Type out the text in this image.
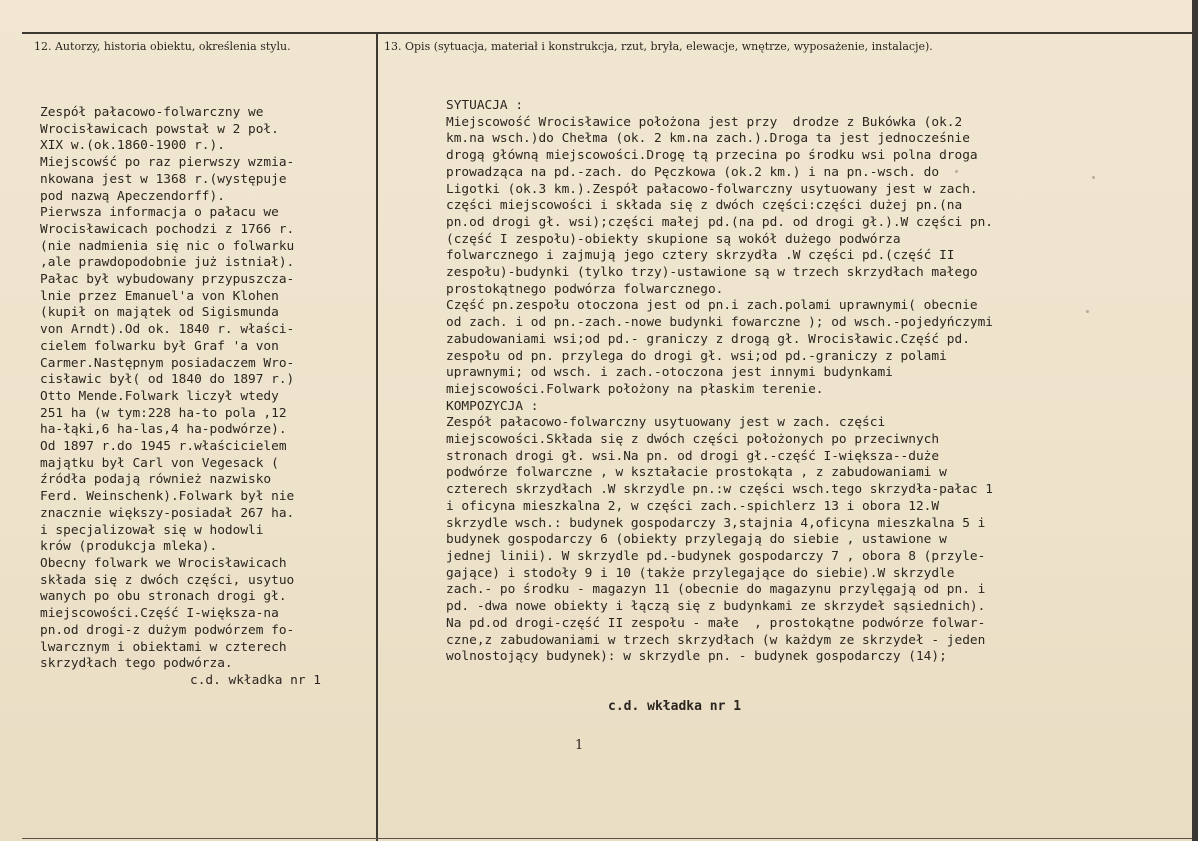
12. Autorzy, historia obiektu, określenia stylu.	13. Opis (sytuacja, materiał i konstrukcja, rzut, bryła, elewacje, wnętrze, wyposażenie, instalacje).
Zespół pałacowo-folwarczny we
Wrocisławicach powstał w 2 poł.
XIX w.(ok.1860-1900 r.).
Miejscowść po raz pierwszy wzmia-
nkowana jest w 1368 r.(występuje
pod nazwą Apeczendorff).
Pierwsza informacja o pałacu we
Wrocisławicach pochodzi z 1766 r.
(nie nadmienia się nic o folwarku
,ale prawdopodobnie już istniał).
Pałac był wybudowany przypuszcza-
lnie przez Emanuel'a von Klohen
(kupił on majątek od Sigismunda
von Arndt).Od ok. 1840 r. właści-
cielem folwarku był Graf 'a von
Carmer.Następnym posiadaczem Wro-
cisławic był( od 1840 do 1897 r.)
Otto Mende.Folwark liczył wtedy
251 ha (w tym:228 ha-to pola ,12
ha-łąki,6 ha-las,4 ha-podwórze).
Od 1897 r.do 1945 r.właścicielem
majątku był Carl von Vegesack (
źródła podają również nazwisko
Ferd. Weinschenk).Folwark był nie
znacznie większy-posiadał 267 ha.
i specjalizował się w hodowli
krów (produkcja mleka).
Obecny folwark we Wrocisławicach
składa się z dwóch części, usytuo
wanych po obu stronach drogi gł.
miejscowości.Część I-większa-na
pn.od drogi-z dużym podwórzem fo-
lwarcznym i obiektami w czterech
skrzydłach tego podwórza.
c.d. wkładka nr 1
SYTUACJA :
Miejscowość Wrocisławice położona jest przy  drodze z Bukówka (ok.2
km.na wsch.)do Chełma (ok. 2 km.na zach.).Droga ta jest jednocześnie
drogą główną miejscowości.Drogę tą przecina po środku wsi polna droga
prowadząca na pd.-zach. do Pęczkowa (ok.2 km.) i na pn.-wsch. do
Ligotki (ok.3 km.).Zespół pałacowo-folwarczny usytuowany jest w zach.
części miejscowości i składa się z dwóch części:części dużej pn.(na
pn.od drogi gł. wsi);części małej pd.(na pd. od drogi gł.).W części pn.
(część I zespołu)-obiekty skupione są wokół dużego podwórza
folwarcznego i zajmują jego cztery skrzydła .W części pd.(część II
zespołu)-budynki (tylko trzy)-ustawione są w trzech skrzydłach małego
prostokątnego podwórza folwarcznego.
Część pn.zespołu otoczona jest od pn.i zach.polami uprawnymi( obecnie
od zach. i od pn.-zach.-nowe budynki fowarczne ); od wsch.-pojedyńczymi
zabudowaniami wsi;od pd.- graniczy z drogą gł. Wrocisławic.Część pd.
zespołu od pn. przylega do drogi gł. wsi;od pd.-graniczy z polami
uprawnymi; od wsch. i zach.-otoczona jest innymi budynkami
miejscowości.Folwark położony na płaskim terenie.
KOMPOZYCJA :
Zespół pałacowo-folwarczny usytuowany jest w zach. części
miejscowości.Składa się z dwóch części położonych po przeciwnych
stronach drogi gł. wsi.Na pn. od drogi gł.-część I-większa--duże
podwórze folwarczne , w kształacie prostokąta , z zabudowaniami w
czterech skrzydłach .W skrzydle pn.:w części wsch.tego skrzydła-pałac 1
i oficyna mieszkalna 2, w części zach.-spichlerz 13 i obora 12.W
skrzydle wsch.: budynek gospodarczy 3,stajnia 4,oficyna mieszkalna 5 i
budynek gospodarczy 6 (obiekty przylegają do siebie , ustawione w
jednej linii). W skrzydle pd.-budynek gospodarczy 7 , obora 8 (przyle-
gające) i stodoły 9 i 10 (także przylegające do siebie).W skrzydle
zach.- po środku - magazyn 11 (obecnie do magazynu przylęgają od pn. i
pd. -dwa nowe obiekty i łączą się z budynkami ze skrzydeł sąsiednich).
Na pd.od drogi-część II zespołu - małe  , prostokątne podwórze folwar-
czne,z zabudowaniami w trzech skrzydłach (w każdym ze skrzydeł - jeden
wolnostojący budynek): w skrzydle pn. - budynek gospodarczy (14);
c.d. wkładka nr 1
1
